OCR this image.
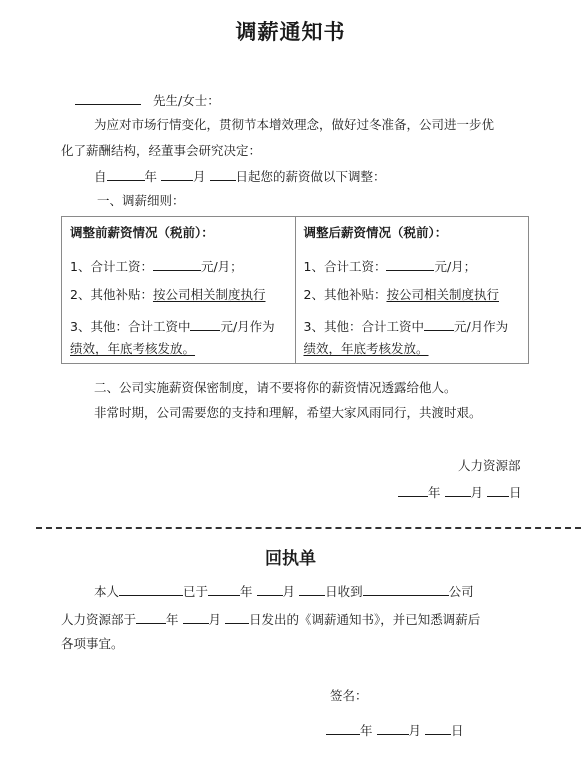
调薪通知书
先生/女士：
为应对市场行情变化，贯彻节本增效理念，做好过冬准备，公司进一步优
化了薪酬结构，经董事会研究决定：
自	年	月 日起您的薪资做以下调整：
一、调薪细则：
调整前薪资情况（税前）：
1、合计工资：	元/月；
2、其他补贴：按公司相关制度执行
3、其他：合计工资中 元/月作为
绩效，年底考核发放。

调整后薪资情况（税前）：
1、合计工资：	元/月；
2、其他补贴：按公司相关制度执行
3、其他：合计工资中 元/月作为
绩效，年底考核发放。
二、公司实施薪资保密制度，请不要将你的薪资情况透露给他人。
非常时期，公司需要您的支持和理解，希望大家风雨同行，共渡时艰。
人力资源部
年 月 日
回执单
本人	已于	年 月 日收到	公司
人力资源部于 年 月 日发出的《调薪通知书》，并已知悉调薪后
各项事宜。
签名：
年	月 日
